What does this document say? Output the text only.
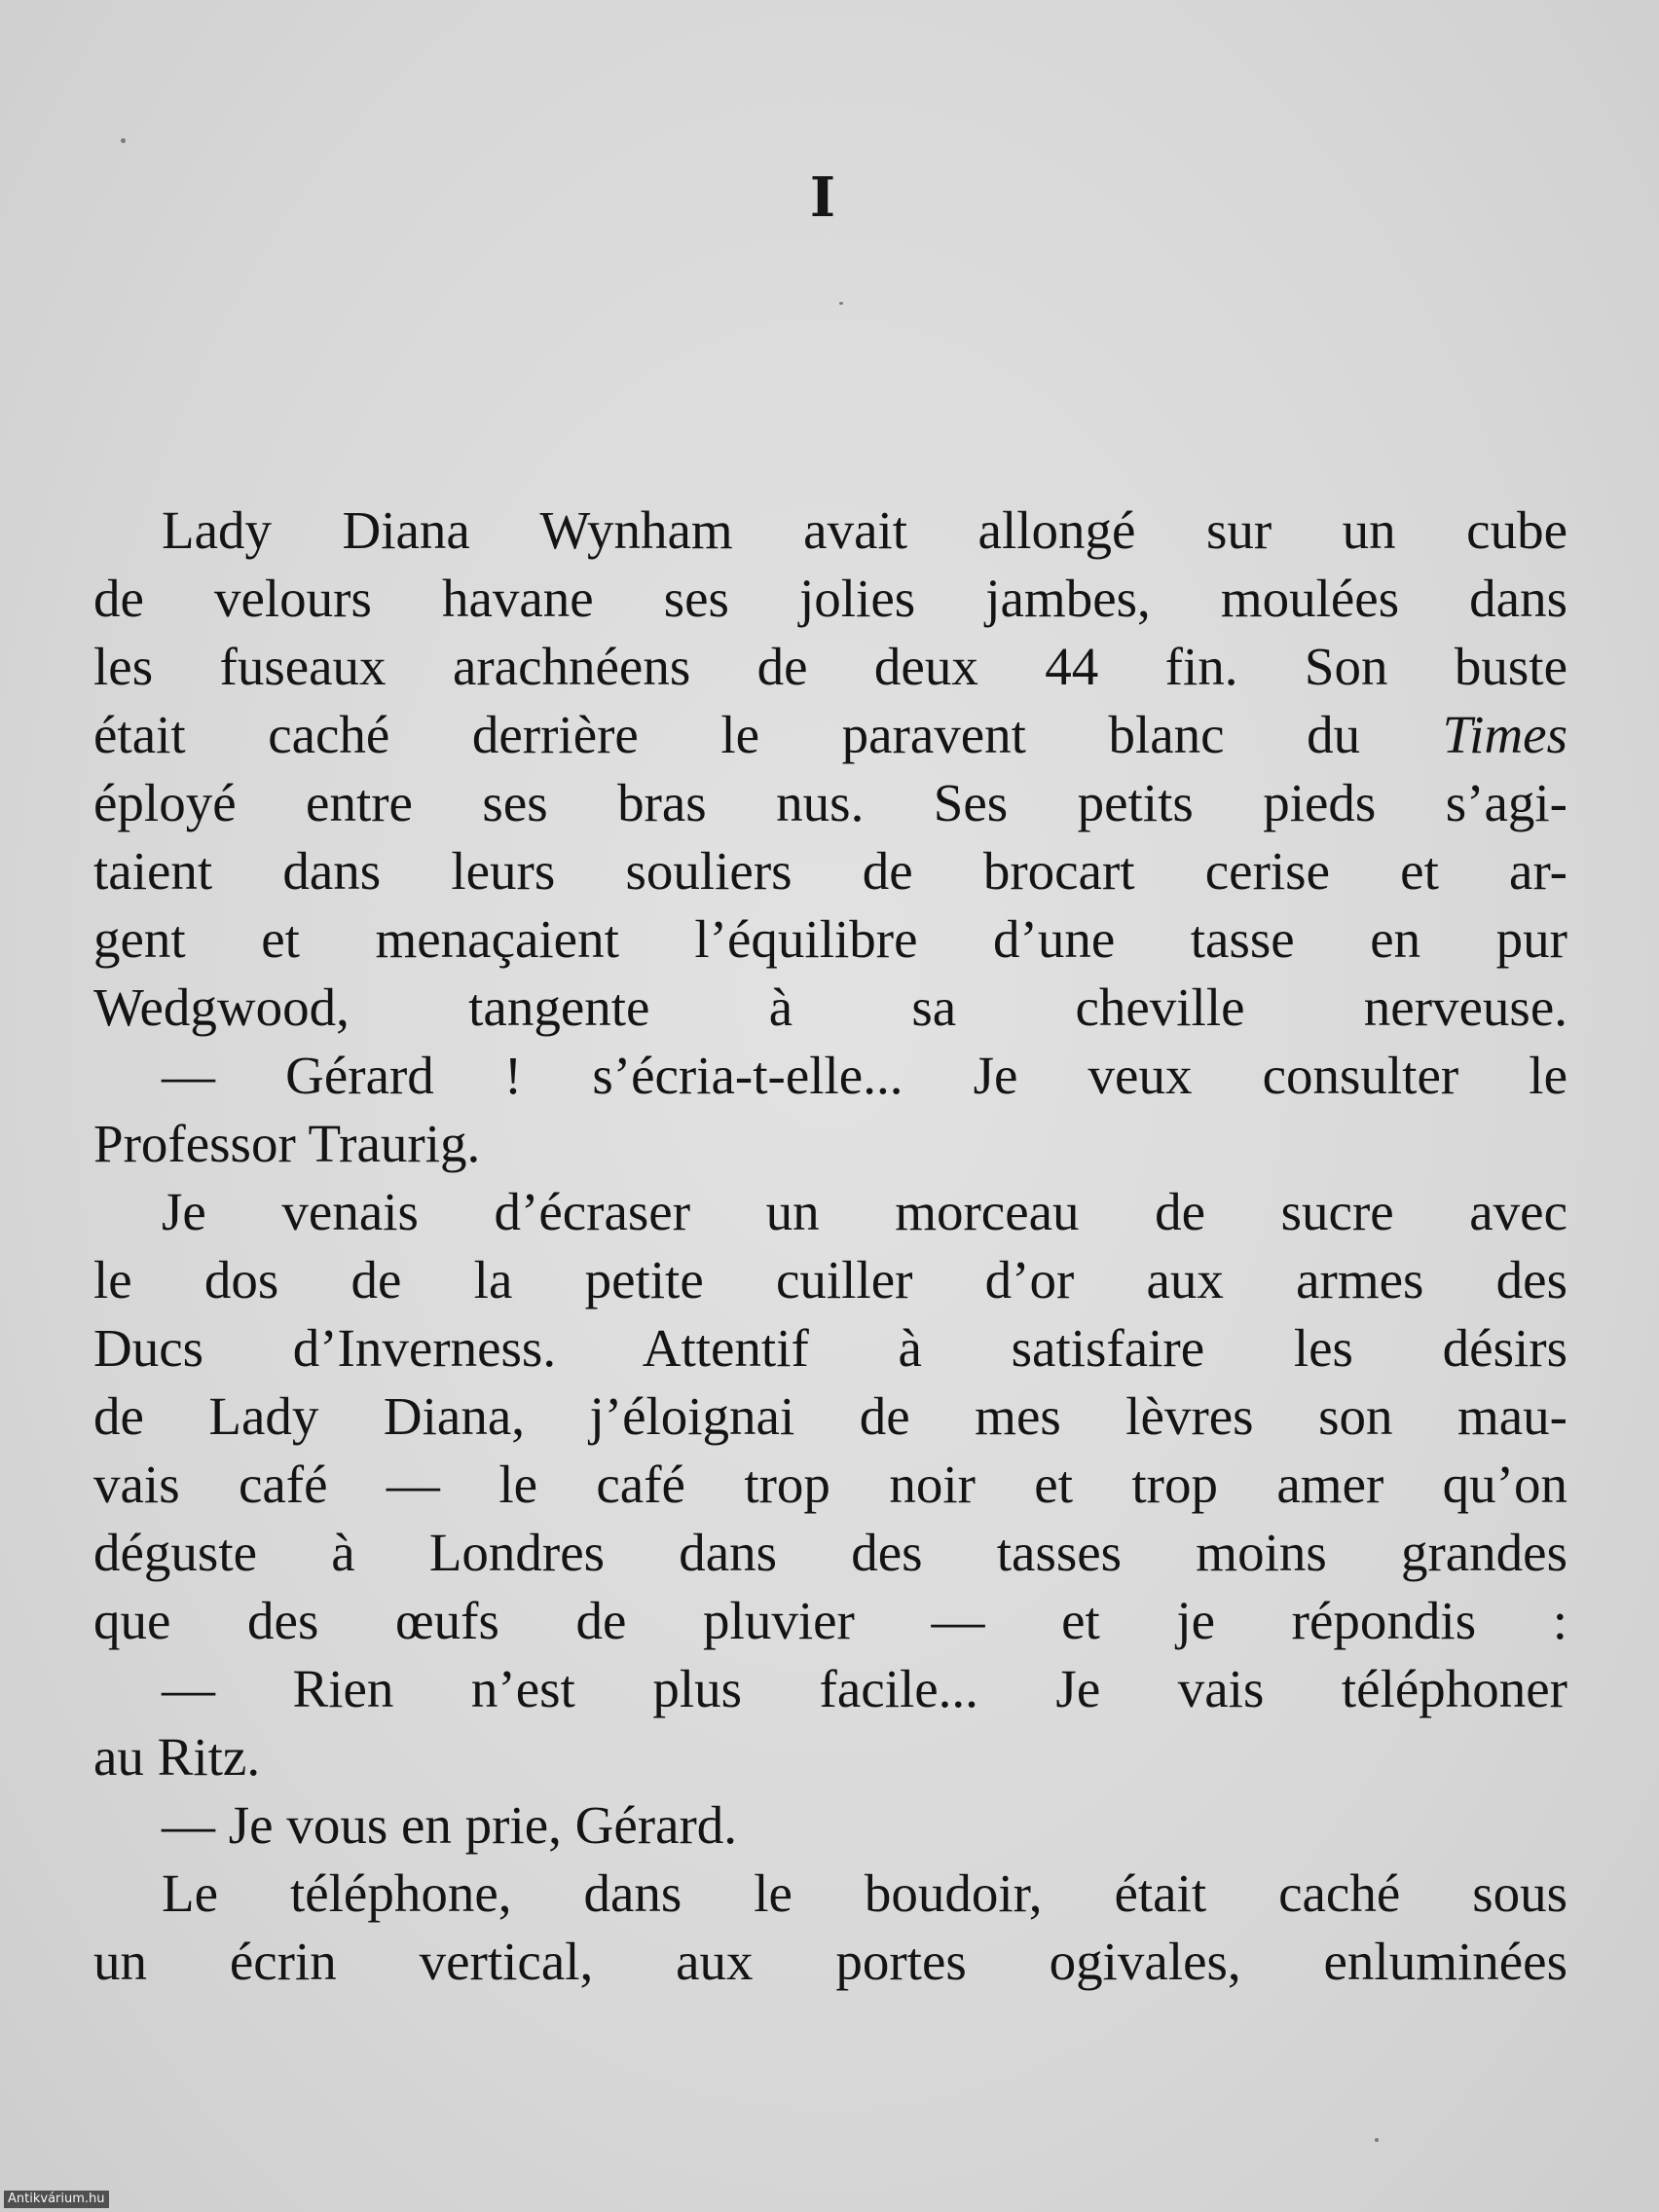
I
Lady Diana Wynham avait allongé sur un cube
de velours havane ses jolies jambes, moulées dans
les fuseaux arachnéens de deux 44 fin. Son buste
était caché derrière le paravent blanc du Times
éployé entre ses bras nus. Ses petits pieds s’agi-
taient dans leurs souliers de brocart cerise et ar-
gent et menaçaient l’équilibre d’une tasse en pur
Wedgwood, tangente à sa cheville nerveuse.
— Gérard ! s’écria-t-elle... Je veux consulter le
Professor Traurig.
Je venais d’écraser un morceau de sucre avec
le dos de la petite cuiller d’or aux armes des
Ducs d’Inverness. Attentif à satisfaire les désirs
de Lady Diana, j’éloignai de mes lèvres son mau-
vais café — le café trop noir et trop amer qu’on
déguste à Londres dans des tasses moins grandes
que des œufs de pluvier — et je répondis :
— Rien n’est plus facile... Je vais téléphoner
au Ritz.
— Je vous en prie, Gérard.
Le téléphone, dans le boudoir, était caché sous
un écrin vertical, aux portes ogivales, enluminées
Antikvárium.hu
